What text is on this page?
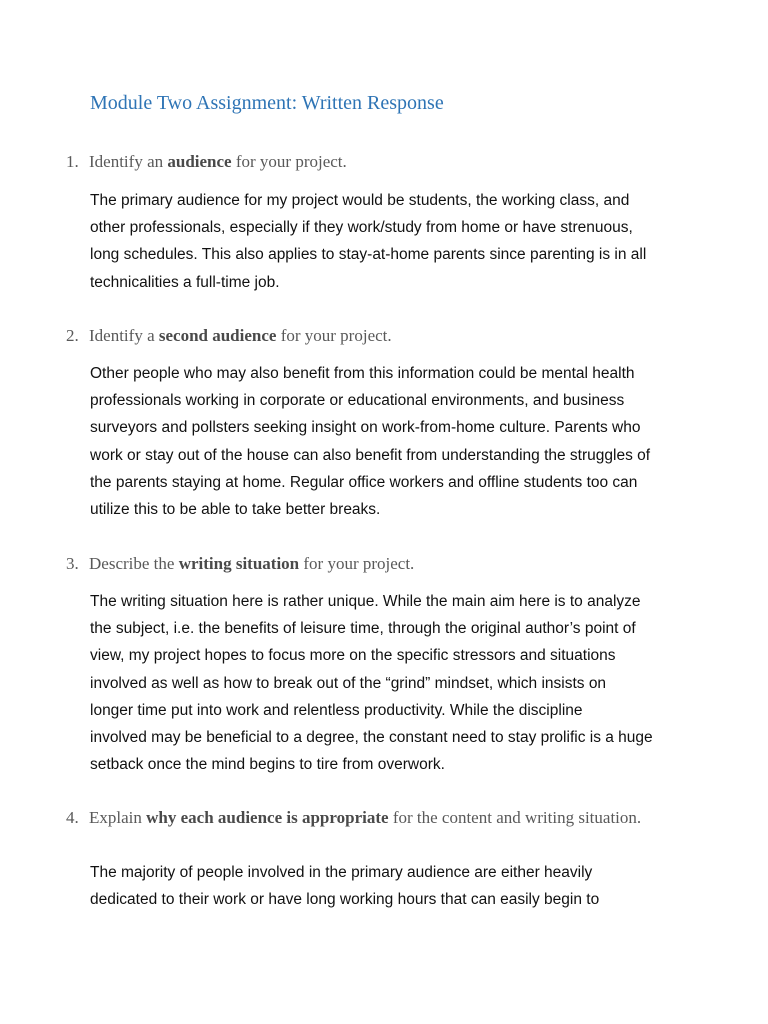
Module Two Assignment: Written Response

1. Identify an audience for your project.

The primary audience for my project would be students, the working class, and
other professionals, especially if they work/study from home or have strenuous,
long schedules. This also applies to stay-at-home parents since parenting is in all
technicalities a full-time job.

2. Identify a second audience for your project.

Other people who may also benefit from this information could be mental health
professionals working in corporate or educational environments, and business
surveyors and pollsters seeking insight on work-from-home culture. Parents who
work or stay out of the house can also benefit from understanding the struggles of
the parents staying at home. Regular office workers and offline students too can
utilize this to be able to take better breaks.

3. Describe the writing situation for your project.

The writing situation here is rather unique. While the main aim here is to analyze
the subject, i.e. the benefits of leisure time, through the original author’s point of
view, my project hopes to focus more on the specific stressors and situations
involved as well as how to break out of the “grind” mindset, which insists on
longer time put into work and relentless productivity. While the discipline
involved may be beneficial to a degree, the constant need to stay prolific is a huge
setback once the mind begins to tire from overwork.

4. Explain why each audience is appropriate for the content and writing situation.

The majority of people involved in the primary audience are either heavily
dedicated to their work or have long working hours that can easily begin to
